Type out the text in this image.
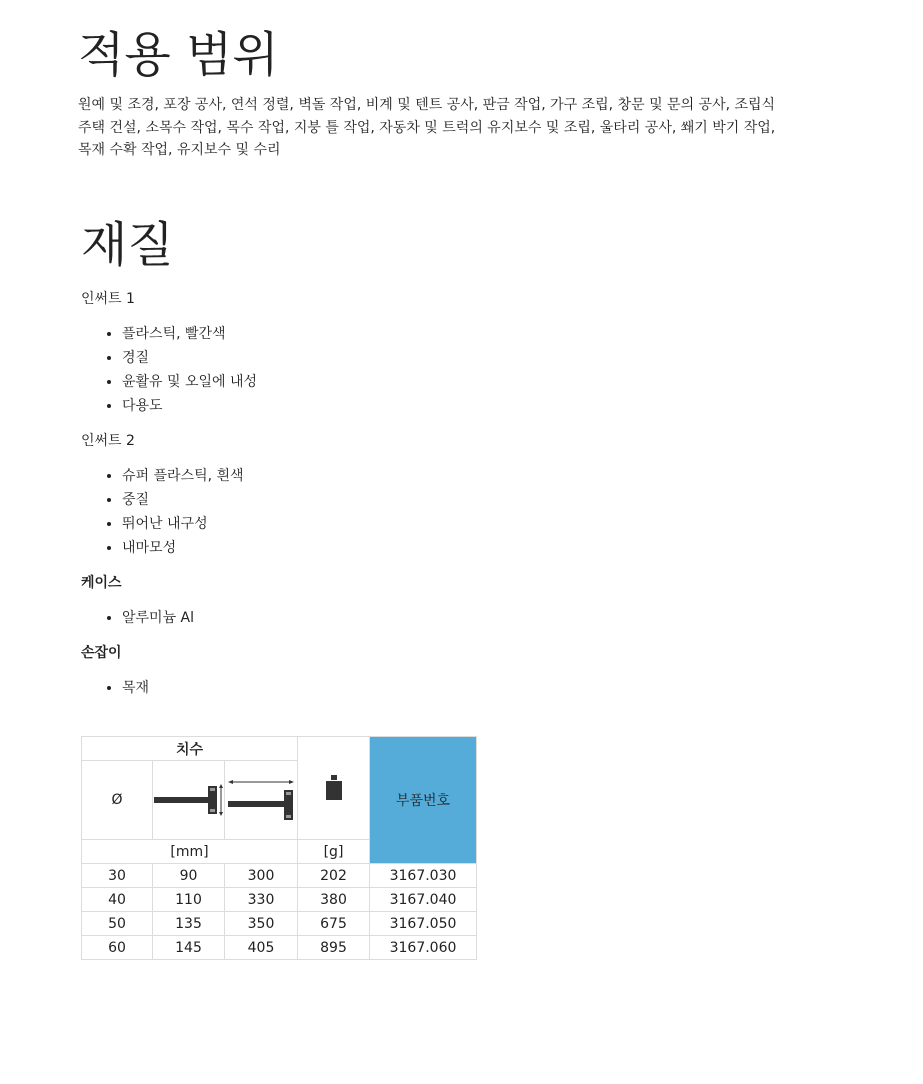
적용 범위

원예 및 조경, 포장 공사, 연석 정렬, 벽돌 작업, 비계 및 텐트 공사, 판금 작업, 가구 조립, 창문 및 문의 공사, 조립식 주택 건설, 소목수 작업, 목수 작업, 지붕 틀 작업, 자동차 및 트럭의 유지보수 및 조립, 울타리 공사, 쐐기 박기 작업, 목재 수확 작업, 유지보수 및 수리

재질

인써트 1

• 플라스틱, 빨간색
• 경질
• 윤활유 및 오일에 내성
• 다용도

인써트 2

• 슈퍼 플라스틱, 흰색
• 중질
• 뛰어난 내구성
• 내마모성

케이스

• 알루미늄 Al

손잡이

• 목재
치수				부품번호
Ø	

[mm]			[g]	
30	90	300	202	3167.030
40	110	330	380	3167.040
50	135	350	675	3167.050
60	145	405	895	3167.060
